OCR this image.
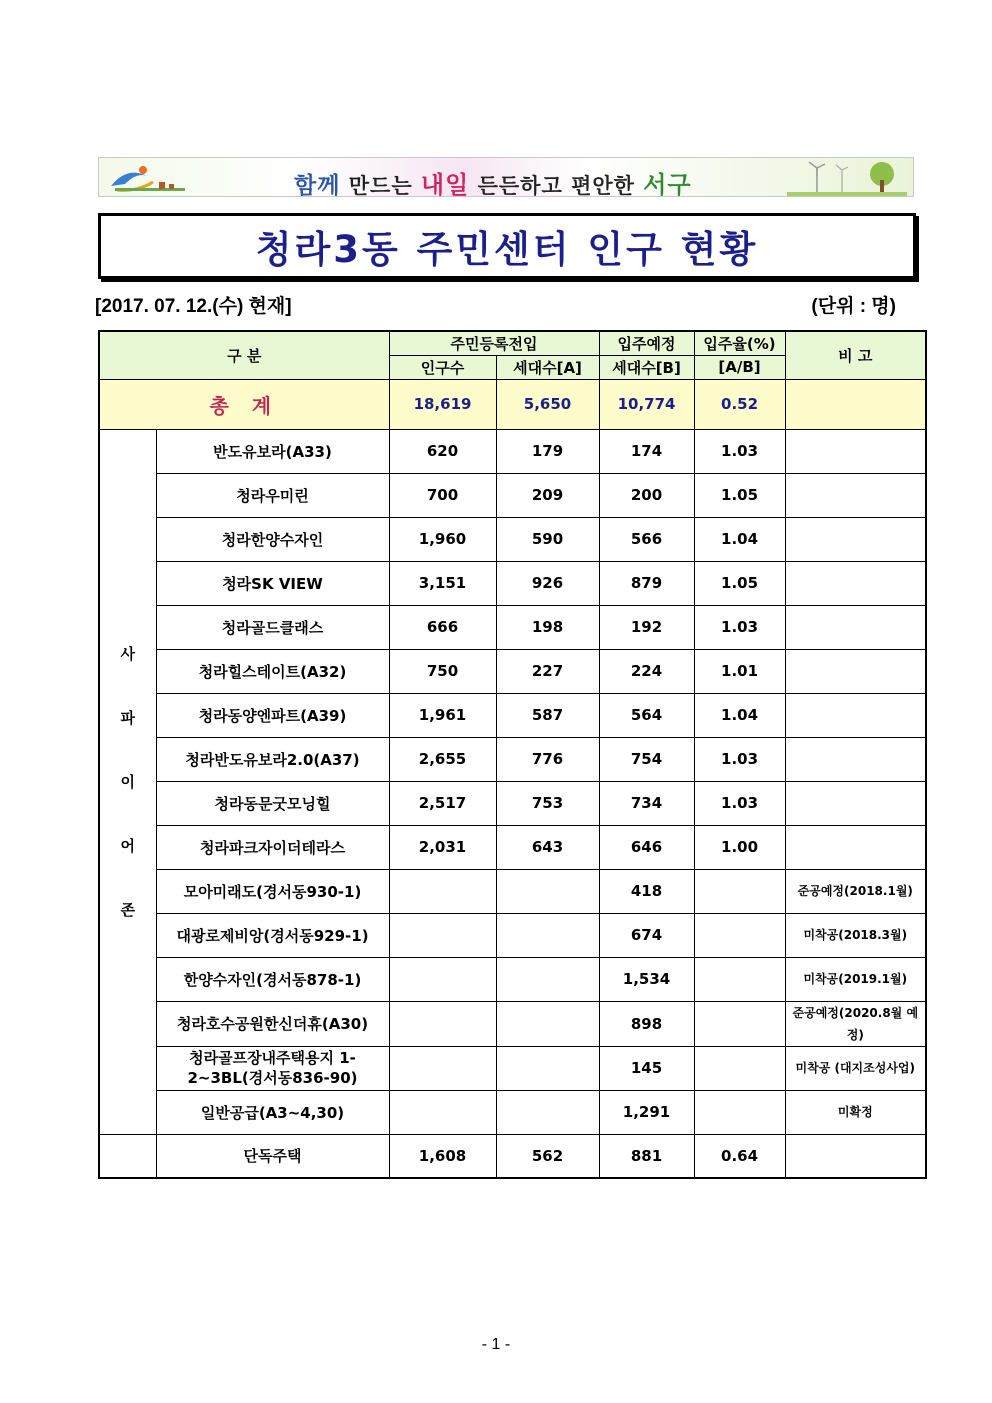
함께 만드는 내일 든든하고 편안한 서구
청라3동 주민센터 인구 현황
[2017. 07. 12.(수) 현재]	(단위 : 명)
구 분		주민등록전입		입주예정	입주율(%)	비 고
		인구수	세대수[A]	세대수[B]	[A/B]	
총 계		18,619	5,650	10,774	0.52	

사
파
이
어
존	반도유보라(A33)	620	179	174	1.03	
	청라우미린	700	209	200	1.05	
	청라한양수자인	1,960	590	566	1.04	
	청라SK VIEW	3,151	926	879	1.05	
	청라골드클래스	666	198	192	1.03	
	청라힐스테이트(A32)	750	227	224	1.01	
	청라동양엔파트(A39)	1,961	587	564	1.04	
	청라반도유보라2.0(A37)	2,655	776	754	1.03	
	청라동문굿모닝힐	2,517	753	734	1.03	
	청라파크자이더테라스	2,031	643	646	1.00	
	모아미래도(경서동930-1)			418		준공예정(2018.1월)
	대광로제비앙(경서동929-1)			674		미착공(2018.3월)
	한양수자인(경서동878-1)			1,534		미착공(2019.1월)
	청라호수공원한신더휴(A30)			898		준공예정(2020.8월 예정)
	청라골프장내주택용지 1-2~3BL(경서동836-90)			145		미착공 (대지조성사업)
	일반공급(A3~4,30)			1,291		미확정
	단독주택	1,608	562	881	0.64	
- 1 -
